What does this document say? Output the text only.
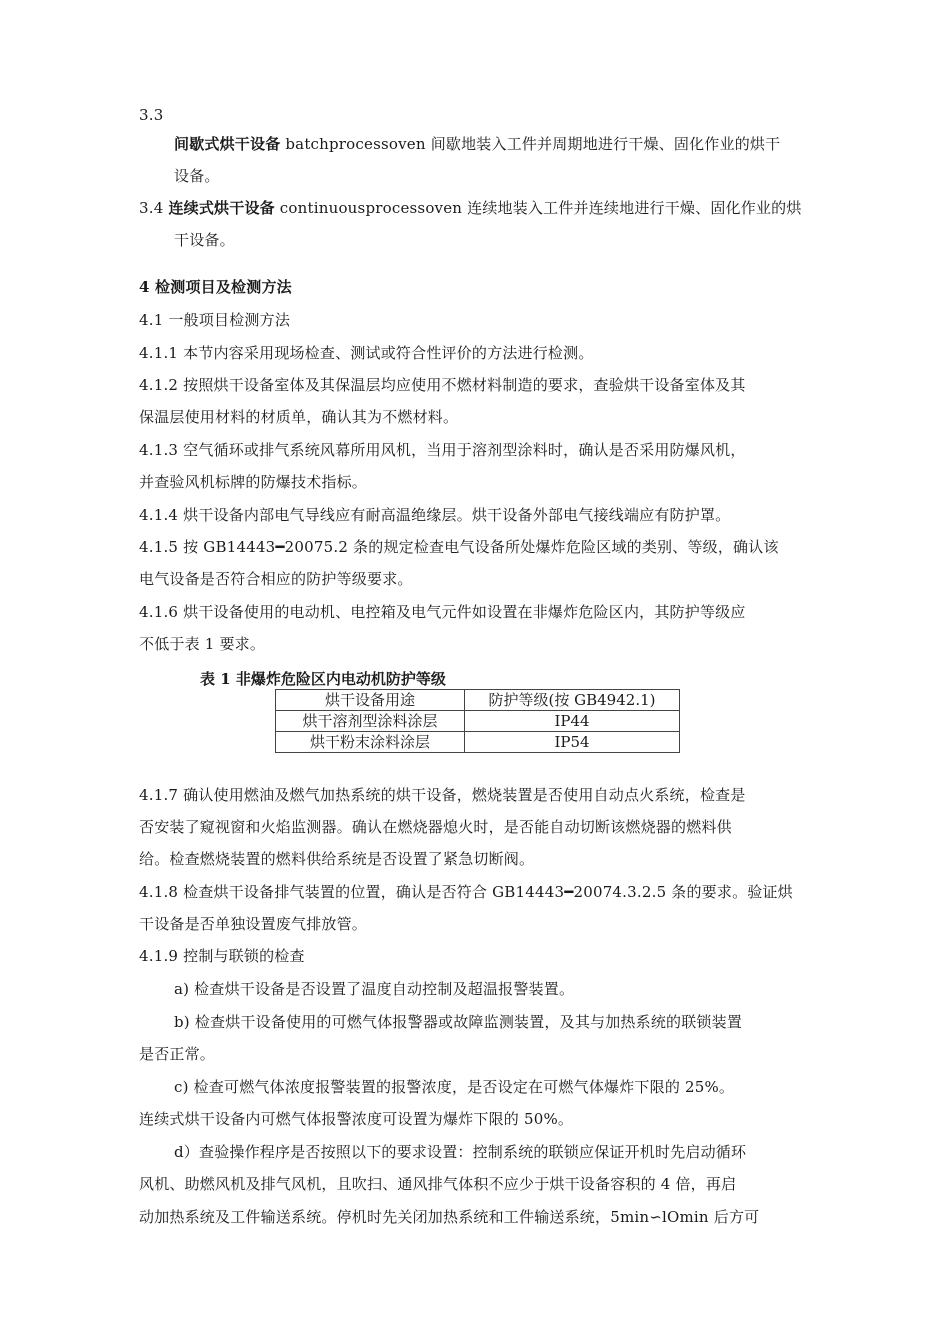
3.3
间歇式烘干设备 batchprocessoven 间歇地装入工件并周期地进行干燥、固化作业的烘干
设备。
3.4 连续式烘干设备 continuousprocessoven 连续地装入工件并连续地进行干燥、固化作业的烘
干设备。
4 检测项目及检测方法
4.1 一般项目检测方法
4.1.1 本节内容采用现场检查、测试或符合性评价的方法进行检测。
4.1.2 按照烘干设备室体及其保温层均应使用不燃材料制造的要求，查验烘干设备室体及其
保温层使用材料的材质单，确认其为不燃材料。
4.1.3 空气循环或排气系统风幕所用风机，当用于溶剂型涂料时，确认是否采用防爆风机，
并查验风机标牌的防爆技术指标。
4.1.4 烘干设备内部电气导线应有耐高温绝缘层。烘干设备外部电气接线端应有防护罩。
4.1.5 按 GB14443━20075.2 条的规定检查电气设备所处爆炸危险区域的类别、等级，确认该
电气设备是否符合相应的防护等级要求。
4.1.6 烘干设备使用的电动机、电控箱及电气元件如设置在非爆炸危险区内，其防护等级应
不低于表 1 要求。
表 1 非爆炸危险区内电动机防护等级
烘干设备用途	防护等级(按 GB4942.1)
烘干溶剂型涂料涂层	IP44
烘干粉末涂料涂层	IP54
4.1.7 确认使用燃油及燃气加热系统的烘干设备，燃烧装置是否使用自动点火系统，检查是
否安装了窥视窗和火焰监测器。确认在燃烧器熄火时，是否能自动切断该燃烧器的燃料供
给。检查燃烧装置的燃料供给系统是否设置了紧急切断阀。
4.1.8 检查烘干设备排气装置的位置，确认是否符合 GB14443━20074.3.2.5 条的要求。验证烘
干设备是否单独设置废气排放管。
4.1.9 控制与联锁的检查
a) 检查烘干设备是否设置了温度自动控制及超温报警装置。
b) 检查烘干设备使用的可燃气体报警器或故障监测装置，及其与加热系统的联锁装置
是否正常。
c) 检查可燃气体浓度报警装置的报警浓度，是否设定在可燃气体爆炸下限的 25%。
连续式烘干设备内可燃气体报警浓度可设置为爆炸下限的 50%。
d）查验操作程序是否按照以下的要求设置：控制系统的联锁应保证开机时先启动循环
风机、助燃风机及排气风机，且吹扫、通风排气体积不应少于烘干设备容积的 4 倍，再启
动加热系统及工件输送系统。停机时先关闭加热系统和工件输送系统，5min∽lOmin 后方可
